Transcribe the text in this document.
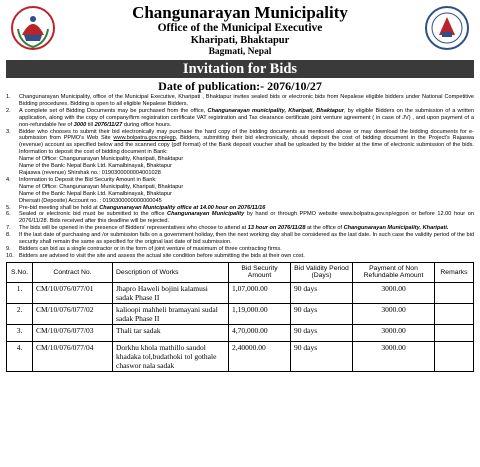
Changunarayan Municipality
Office of the Municipal Executive
Kharipati, Bhaktapur
Bagmati, Nepal
Invitation for Bids
Date of publication:- 2076/10/27
1.	Changunarayan Municipality, office of the Municipal Executive, Kharipati , Bhaktapur invites sealed bids or electronic bids from Nepalese eligible bidders under National Competitive Bidding procedures. Bidding is open to all eligible Nepalese Bidders.
2.	A complete set of Bidding Documents may be purchased from the office, Changunarayan municipality, Kharipati, Bhaktapur, by eligible Bidders on the submission of a written application, along with the copy of company/firm registration certificate VAT registration and Tax clearance certificate joint venture agreement ( in case of JV) , and upon payment of a non-refundable fee of 3000 till 2076/11/27 during office hours.
3.	Bidder who chooses to submit their bid electronically may purchase the hard copy of the bidding documents as mentioned above or may download the bidding documents for e-submission from PPMO's Web Site www.bolpatra.gov.np/egp, Bidders, submitting their bid electronically, should deposit the cost of bidding document in the Project's Rajaswa (revenue) account as specified below and the scanned copy (pdf format) of the Bank deposit voucher shall be uploaded by the bidder at the time of electronic submission of the bids. Information to deposit the cost of bidding document in Bank:
Name of Office: Changunarayan Municipality, Kharipati, Bhaktapur
Name of the Bank: Nepal Bank Ltd. Kamalbinayak, Bhaktapur
Rajaswa (revenue) Shirshak no.: 0190300000004001028
4.	Information to Deposit the Bid Security Amount in Bank:
Name of Office: Changunarayan Municipality, Kharipati, Bhaktapur
Name of the Bank: Nepal Bank Ltd. Kamalbinayak, Bhaktapur
Dhersati (Deposite) Account no. : 0190300000000000045
5.	Pre-bid meeting shall be hold at Changunarayan Municipality office at 14.00 hour on 2076/11/16
6.	Sealed or electronic bid must be submitted to the office Changunarayan Municipality by hand or through PPMO website www.bolpatra.gov.np/egpon or before 12.00 hour on 2076/11/28. Bids received after this deadline will be rejected.
7.	The bids will be opened in the presence of Bidders' representatives who choose to attend at 13 hour on 2076/11/28 at the office of Changunarayan Municipality, Kharipati.
8.	If the last date of purchasing and /or submission falls on a government holiday, then the next working day shall be considered as the last date. In such case the validity period of the bid security shall remain the same as specified for the original last date of bid submission.
9.	Bidders can bid as a single contractor or in the form of joint venture of maximum of three contracting firms.
10. Bidders are advised to visit the site and assess the actual site condition before submitting the bids at their own cost.
S.No.	Contract No.	Description of Works	Bid Security Amount	Bid Validity Period (Days)	Payment of Non Refundable Amount	Remarks
1.	CM/10/076/077/01	Jhapro Haweli bojini kalamusi sadak Phase II	1,07,000.00	90 days	3000.00	
2.	CM/10/076/077/02	kalioopi mahheli bramayani sudal sadak Phase II	1,19,000.00	90 days	3000.00	
3.	CM/10/076/077/03	Thali tar sadak	4,70,000.00	90 days	3000.00	
4.	CM/10/076/077/04	Dorkhu khola mathillo saudol khadaka tol,budathoki tol gothale chaswor nala sadak	2,40000.00	90 days	3000.00	
